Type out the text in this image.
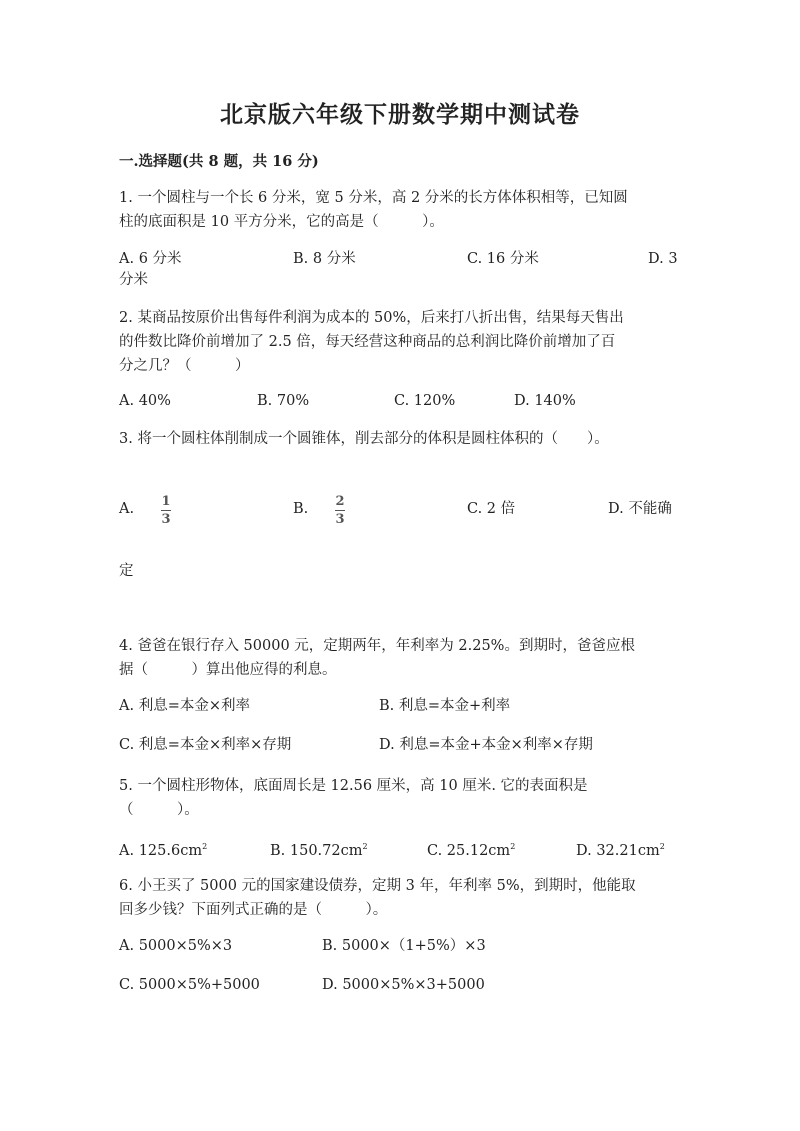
北京版六年级下册数学期中测试卷
一.选择题(共 8 题，共 16 分)
1. 一个圆柱与一个长 6 分米，宽 5 分米，高 2 分米的长方体体积相等，已知圆
柱的底面积是 10 平方分米，它的高是（　　　）。
A. 6 分米	B. 8 分米	C. 16 分米	D. 3
分米
2. 某商品按原价出售每件利润为成本的 50%，后来打八折出售，结果每天售出
的件数比降价前增加了 2.5 倍，每天经营这种商品的总利润比降价前增加了百
分之几？（　　　）
A. 40%	B. 70%	C. 120%	D. 140%
3. 将一个圆柱体削制成一个圆锥体，削去部分的体积是圆柱体积的（　　）。
A. 1
3
B. 2
3
C. 2 倍	D. 不能确
定
4. 爸爸在银行存入 50000 元，定期两年，年利率为 2.25%。到期时，爸爸应根
据（　　　）算出他应得的利息。
A. 利息=本金×利率	B. 利息=本金+利率
C. 利息=本金×利率×存期	D. 利息=本金+本金×利率×存期
5. 一个圆柱形物体，底面周长是 12.56 厘米，高 10 厘米. 它的表面积是
（　　　）。
A. $125.6cm^2$	B. $150.72cm^2$	C. $25.12cm^2$	D. $32.21cm^2$
6. 小王买了 5000 元的国家建设债券，定期 3 年，年利率 5%，到期时，他能取
回多少钱？下面列式正确的是（　　　）。
A. 5000×5%×3	B. 5000×（1+5%）×3
C. 5000×5%+5000	D. 5000×5%×3+5000
